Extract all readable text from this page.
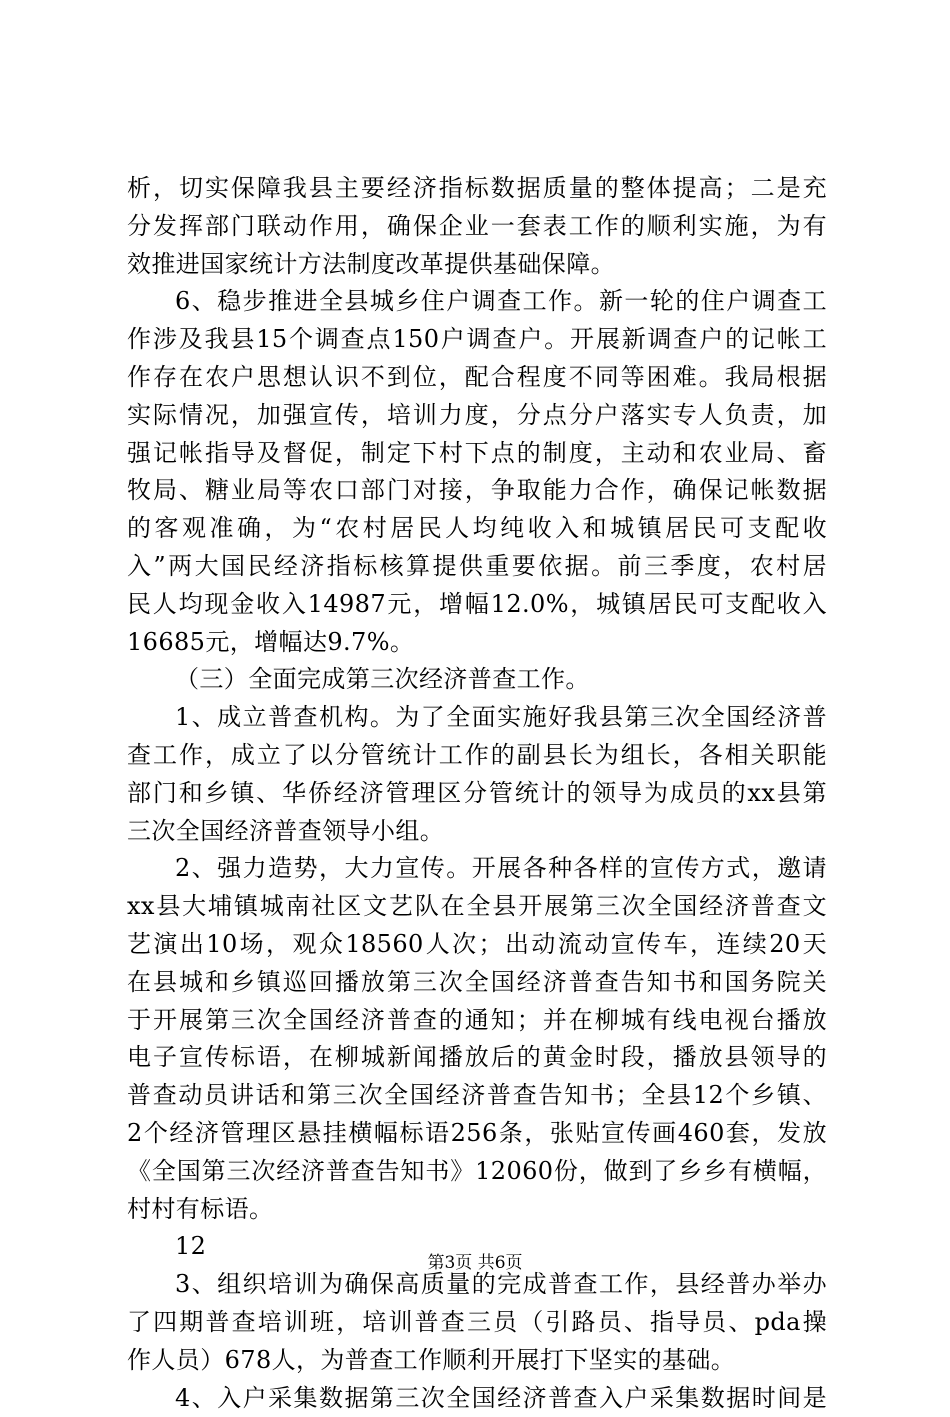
析，切实保障我县主要经济指标数据质量的整体提高；二是充
分发挥部门联动作用，确保企业一套表工作的顺利实施，为有
效推进国家统计方法制度改革提供基础保障。
6、稳步推进全县城乡住户调查工作。新一轮的住户调查工
作涉及我县15个调查点150户调查户。开展新调查户的记帐工
作存在农户思想认识不到位，配合程度不同等困难。我局根据
实际情况，加强宣传，培训力度，分点分户落实专人负责，加
强记帐指导及督促，制定下村下点的制度，主动和农业局、畜
牧局、糖业局等农口部门对接，争取能力合作，确保记帐数据
的客观准确，为“农村居民人均纯收入和城镇居民可支配收
入”两大国民经济指标核算提供重要依据。前三季度，农村居
民人均现金收入14987元，增幅12.0%，城镇居民可支配收入
16685元，增幅达9.7%。
（三）全面完成第三次经济普查工作。
1、成立普查机构。为了全面实施好我县第三次全国经济普
查工作，成立了以分管统计工作的副县长为组长，各相关职能
部门和乡镇、华侨经济管理区分管统计的领导为成员的xx县第
三次全国经济普查领导小组。
2、强力造势，大力宣传。开展各种各样的宣传方式，邀请
xx县大埔镇城南社区文艺队在全县开展第三次全国经济普查文
艺演出10场，观众18560人次；出动流动宣传车，连续20天
在县城和乡镇巡回播放第三次全国经济普查告知书和国务院关
于开展第三次全国经济普查的通知；并在柳城有线电视台播放
电子宣传标语，在柳城新闻播放后的黄金时段，播放县领导的
普查动员讲话和第三次全国经济普查告知书；全县12个乡镇、
2个经济管理区悬挂横幅标语256条，张贴宣传画460套，发放
《全国第三次经济普查告知书》12060份，做到了乡乡有横幅，
村村有标语。
12
3、组织培训为确保高质量的完成普查工作，县经普办举办
了四期普查培训班，培训普查三员（引路员、指导员、pda操
作人员）678人，为普查工作顺利开展打下坚实的基础。
4、入户采集数据第三次全国经济普查入户采集数据时间是
第3页 共6页
